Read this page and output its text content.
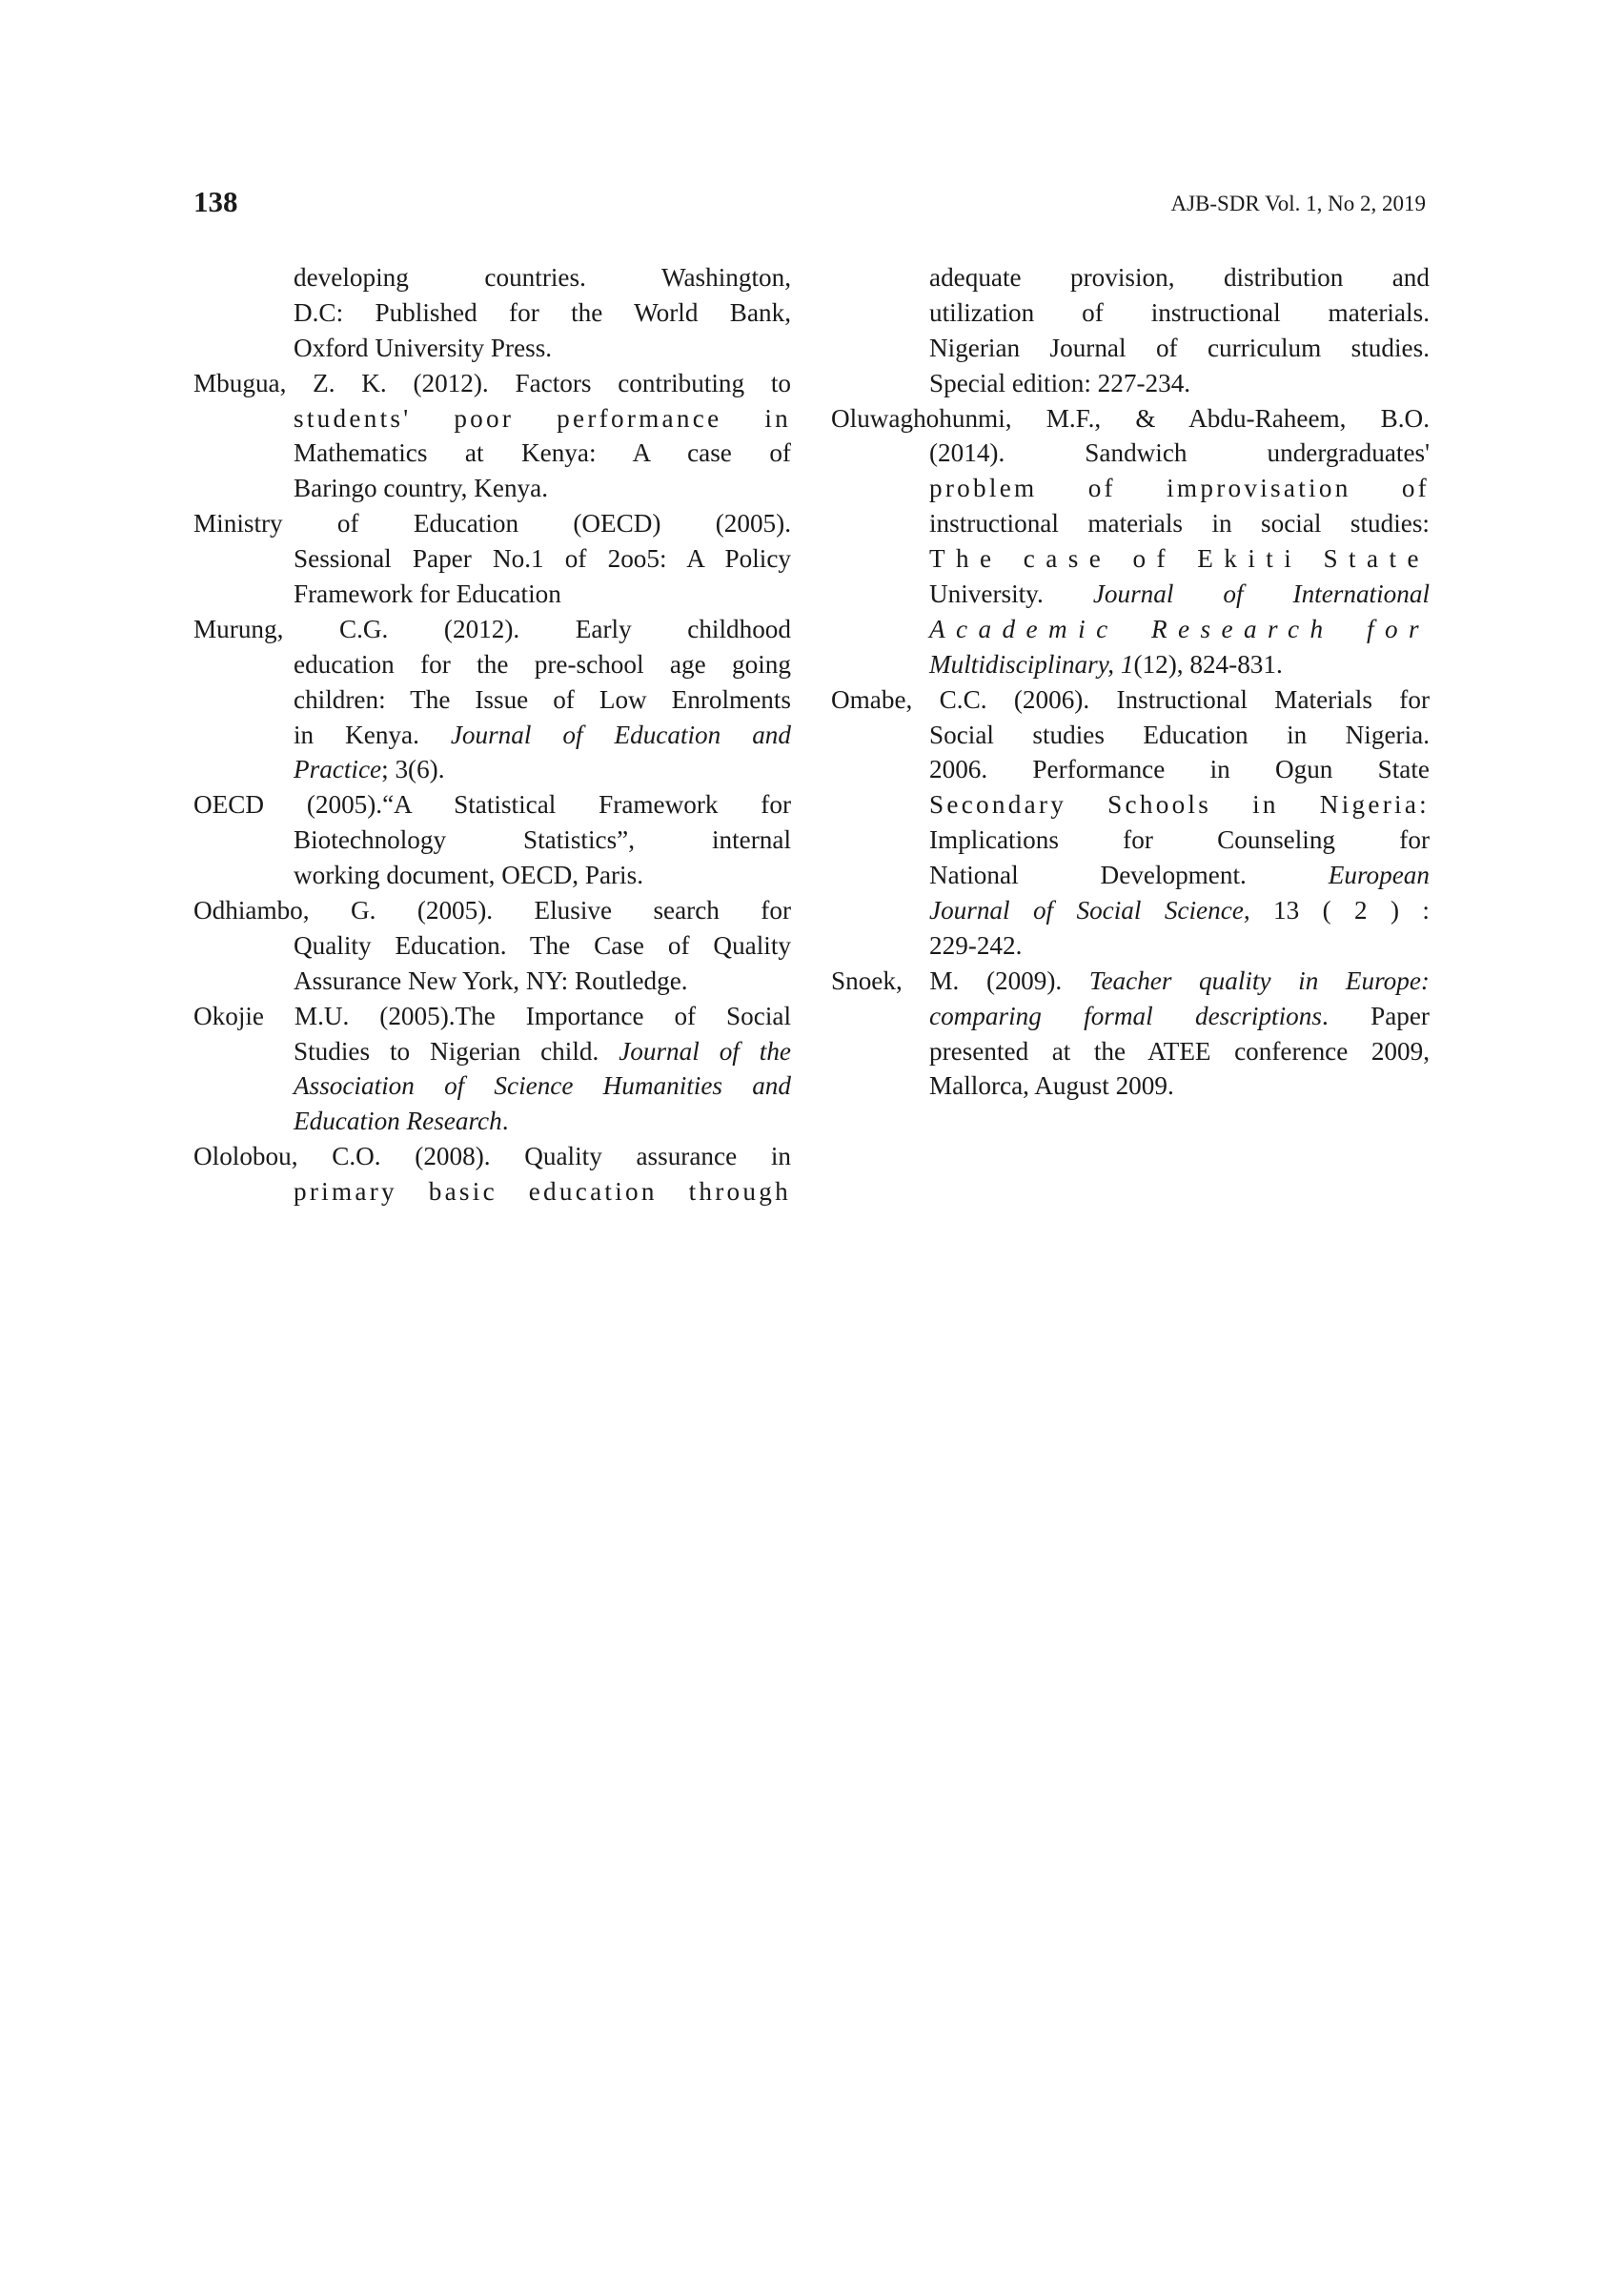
138	AJB-SDR Vol. 1, No 2, 2019
developing countries. Washington,
D.C: Published for the World Bank,
Oxford University Press.
Mbugua, Z. K. (2012). Factors contributing to
students' poor performance in
Mathematics at Kenya: A case of
Baringo country, Kenya.
Ministry of Education (OECD) (2005).
Sessional Paper No.1 of 2oo5: A Policy
Framework for Education
Murung, C.G. (2012). Early childhood
education for the pre-school age going
children: The Issue of Low Enrolments
in Kenya. Journal of Education and
Practice; 3(6).
OECD (2005).“A Statistical Framework for
Biotechnology Statistics”, internal
working document, OECD, Paris.
Odhiambo, G. (2005). Elusive search for
Quality Education. The Case of Quality
Assurance New York, NY: Routledge.
Okojie M.U. (2005).The Importance of Social
Studies to Nigerian child. Journal of the
Association of Science Humanities and
Education Research.
Ololobou, C.O. (2008). Quality assurance in
primary basic education through
adequate provision, distribution and
utilization of instructional materials.
Nigerian Journal of curriculum studies.
Special edition: 227-234.
Oluwaghohunmi, M.F., & Abdu-Raheem, B.O.
(2014). Sandwich undergraduates'
problem of improvisation of
instructional materials in social studies:
The case of Ekiti State
University. Journal of International
Academic Research for
Multidisciplinary, 1(12), 824-831.
Omabe, C.C. (2006). Instructional Materials for
Social studies Education in Nigeria.
2006. Performance in Ogun State
Secondary Schools in Nigeria:
Implications for Counseling for
National Development. European
Journal of Social Science, 13 ( 2 ) :
229-242.
Snoek, M. (2009). Teacher quality in Europe:
comparing formal descriptions. Paper
presented at the ATEE conference 2009,
Mallorca, August 2009.
